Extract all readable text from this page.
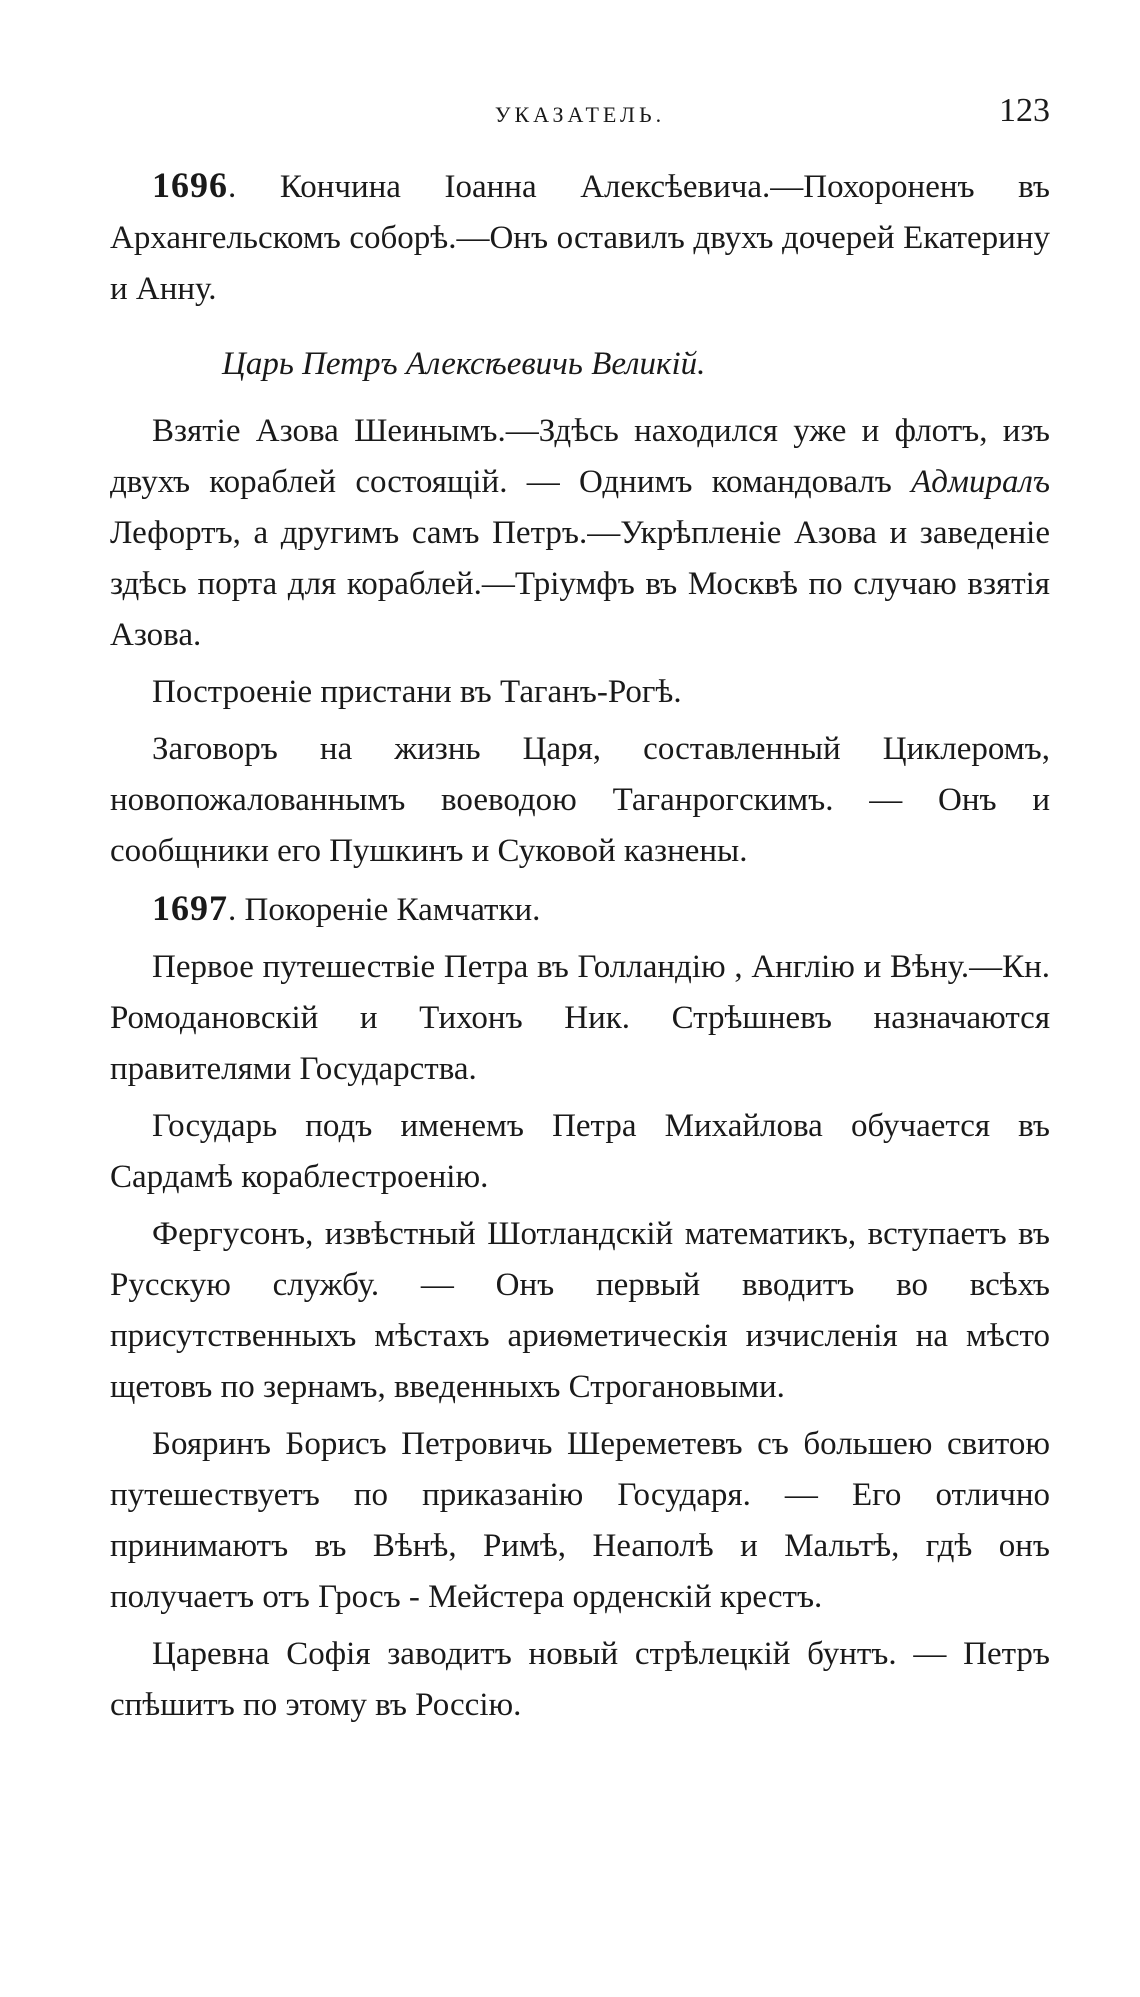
УКАЗАТЕЛЬ.	123

1696. Кончина Іоанна Алексѣевича.—Похороненъ въ Архангельскомъ соборѣ.—Онъ оставилъ двухъ дочерей Екатерину и Анну.

Царь Петръ Алексѣевичь Великій.

Взятіе Азова Шеинымъ.—Здѣсь находился уже и флотъ, изъ двухъ кораблей состоящій. — Однимъ командовалъ Адмиралъ Лефортъ, а другимъ самъ Петръ.—Укрѣпленіе Азова и заведеніе здѣсь порта для кораблей.—Тріумфъ въ Москвѣ по случаю взятія Азова.

Построеніе пристани въ Таганъ-Рогѣ.

Заговоръ на жизнь Царя, составленный Циклеромъ, новопожалованнымъ воеводою Таганрогскимъ. — Онъ и сообщники его Пушкинъ и Суковой казнены.

1697. Покореніе Камчатки.

Первое путешествіе Петра въ Голландію , Англію и Вѣну.—Кн. Ромодановскій и Тихонъ Ник. Стрѣшневъ назначаются правителями Государства.

Государь подъ именемъ Петра Михайлова обучается въ Сардамѣ кораблестроенію.

Фергусонъ, извѣстный Шотландскій математикъ, вступаетъ въ Русскую службу. — Онъ первый вводитъ во всѣхъ присутственныхъ мѣстахъ ариѳметическія изчисленія на мѣсто щетовъ по зернамъ, введенныхъ Строгановыми.

Бояринъ Борисъ Петровичь Шереметевъ съ большею свитою путешествуетъ по приказанію Государя. — Его отлично принимаютъ въ Вѣнѣ, Римѣ, Неаполѣ и Мальтѣ, гдѣ онъ получаетъ отъ Гросъ - Мейстера орденскій крестъ.

Царевна Софія заводитъ новый стрѣлецкій бунтъ. — Петръ спѣшитъ по этому въ Россію.
